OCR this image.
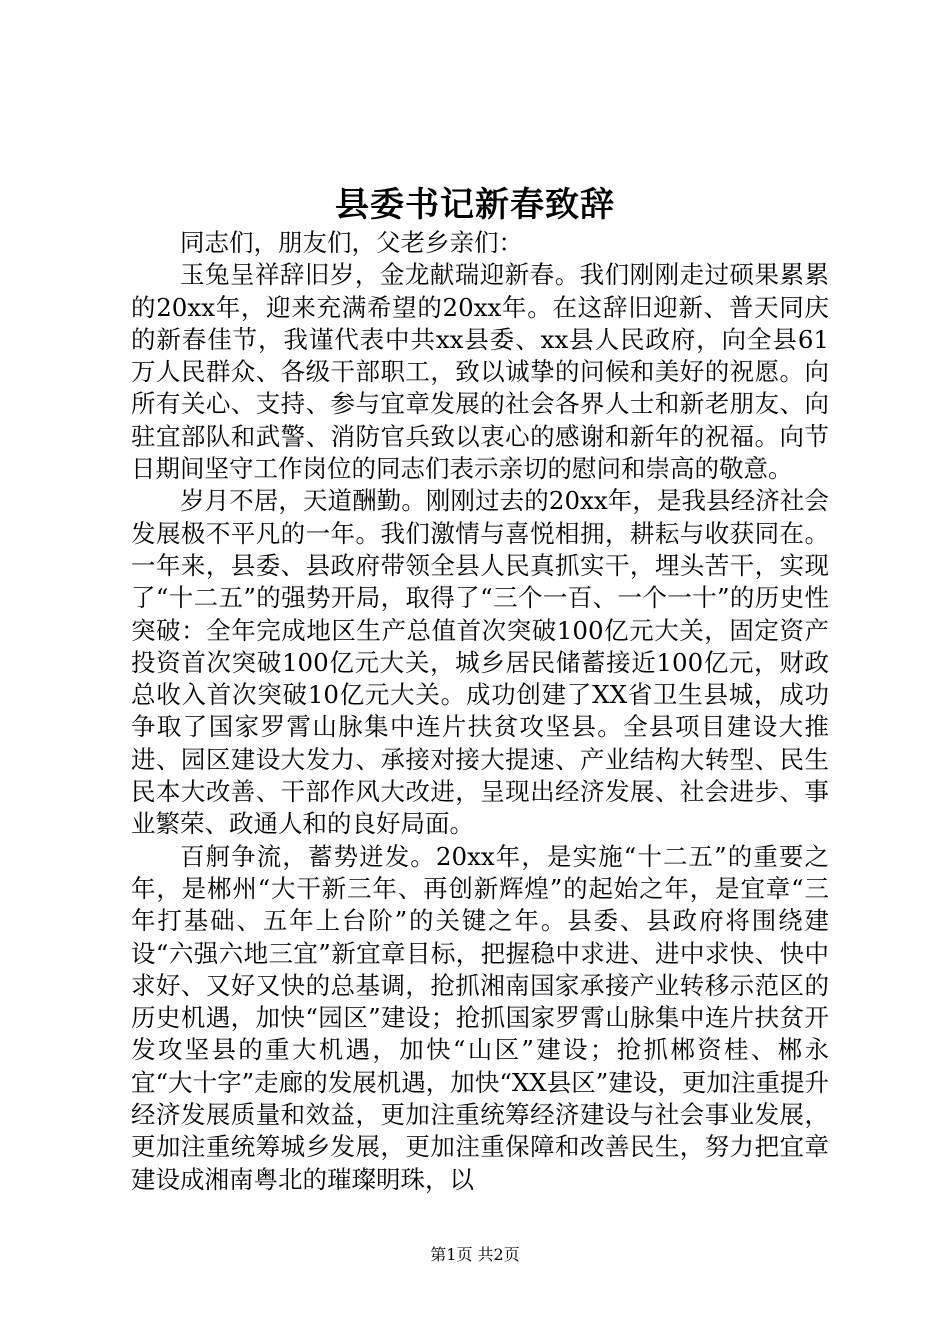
县委书记新春致辞

同志们，朋友们，父老乡亲们：

玉兔呈祥辞旧岁，金龙献瑞迎新春。我们刚刚走过硕果累累的20xx年，迎来充满希望的20xx年。在这辞旧迎新、普天同庆的新春佳节，我谨代表中共xx县委、xx县人民政府，向全县61万人民群众、各级干部职工，致以诚挚的问候和美好的祝愿。向所有关心、支持、参与宜章发展的社会各界人士和新老朋友、向驻宜部队和武警、消防官兵致以衷心的感谢和新年的祝福。向节日期间坚守工作岗位的同志们表示亲切的慰问和崇高的敬意。

岁月不居，天道酬勤。刚刚过去的20xx年，是我县经济社会发展极不平凡的一年。我们激情与喜悦相拥，耕耘与收获同在。一年来，县委、县政府带领全县人民真抓实干，埋头苦干，实现了“十二五”的强势开局，取得了“三个一百、一个一十”的历史性突破：全年完成地区生产总值首次突破100亿元大关，固定资产投资首次突破100亿元大关，城乡居民储蓄接近100亿元，财政总收入首次突破10亿元大关。成功创建了XX省卫生县城，成功争取了国家罗霄山脉集中连片扶贫攻坚县。全县项目建设大推进、园区建设大发力、承接对接大提速、产业结构大转型、民生民本大改善、干部作风大改进，呈现出经济发展、社会进步、事业繁荣、政通人和的良好局面。

百舸争流，蓄势迸发。20xx年，是实施“十二五”的重要之年，是郴州“大干新三年、再创新辉煌”的起始之年，是宜章“三年打基础、五年上台阶”的关键之年。县委、县政府将围绕建设“六强六地三宜”新宜章目标，把握稳中求进、进中求快、快中求好、又好又快的总基调，抢抓湘南国家承接产业转移示范区的历史机遇，加快“园区”建设；抢抓国家罗霄山脉集中连片扶贫开发攻坚县的重大机遇，加快“山区”建设；抢抓郴资桂、郴永宜“大十字”走廊的发展机遇，加快“XX县区”建设，更加注重提升经济发展质量和效益，更加注重统筹经济建设与社会事业发展，更加注重统筹城乡发展，更加注重保障和改善民生，努力把宜章建设成湘南粤北的璀璨明珠，以

第1页 共2页
